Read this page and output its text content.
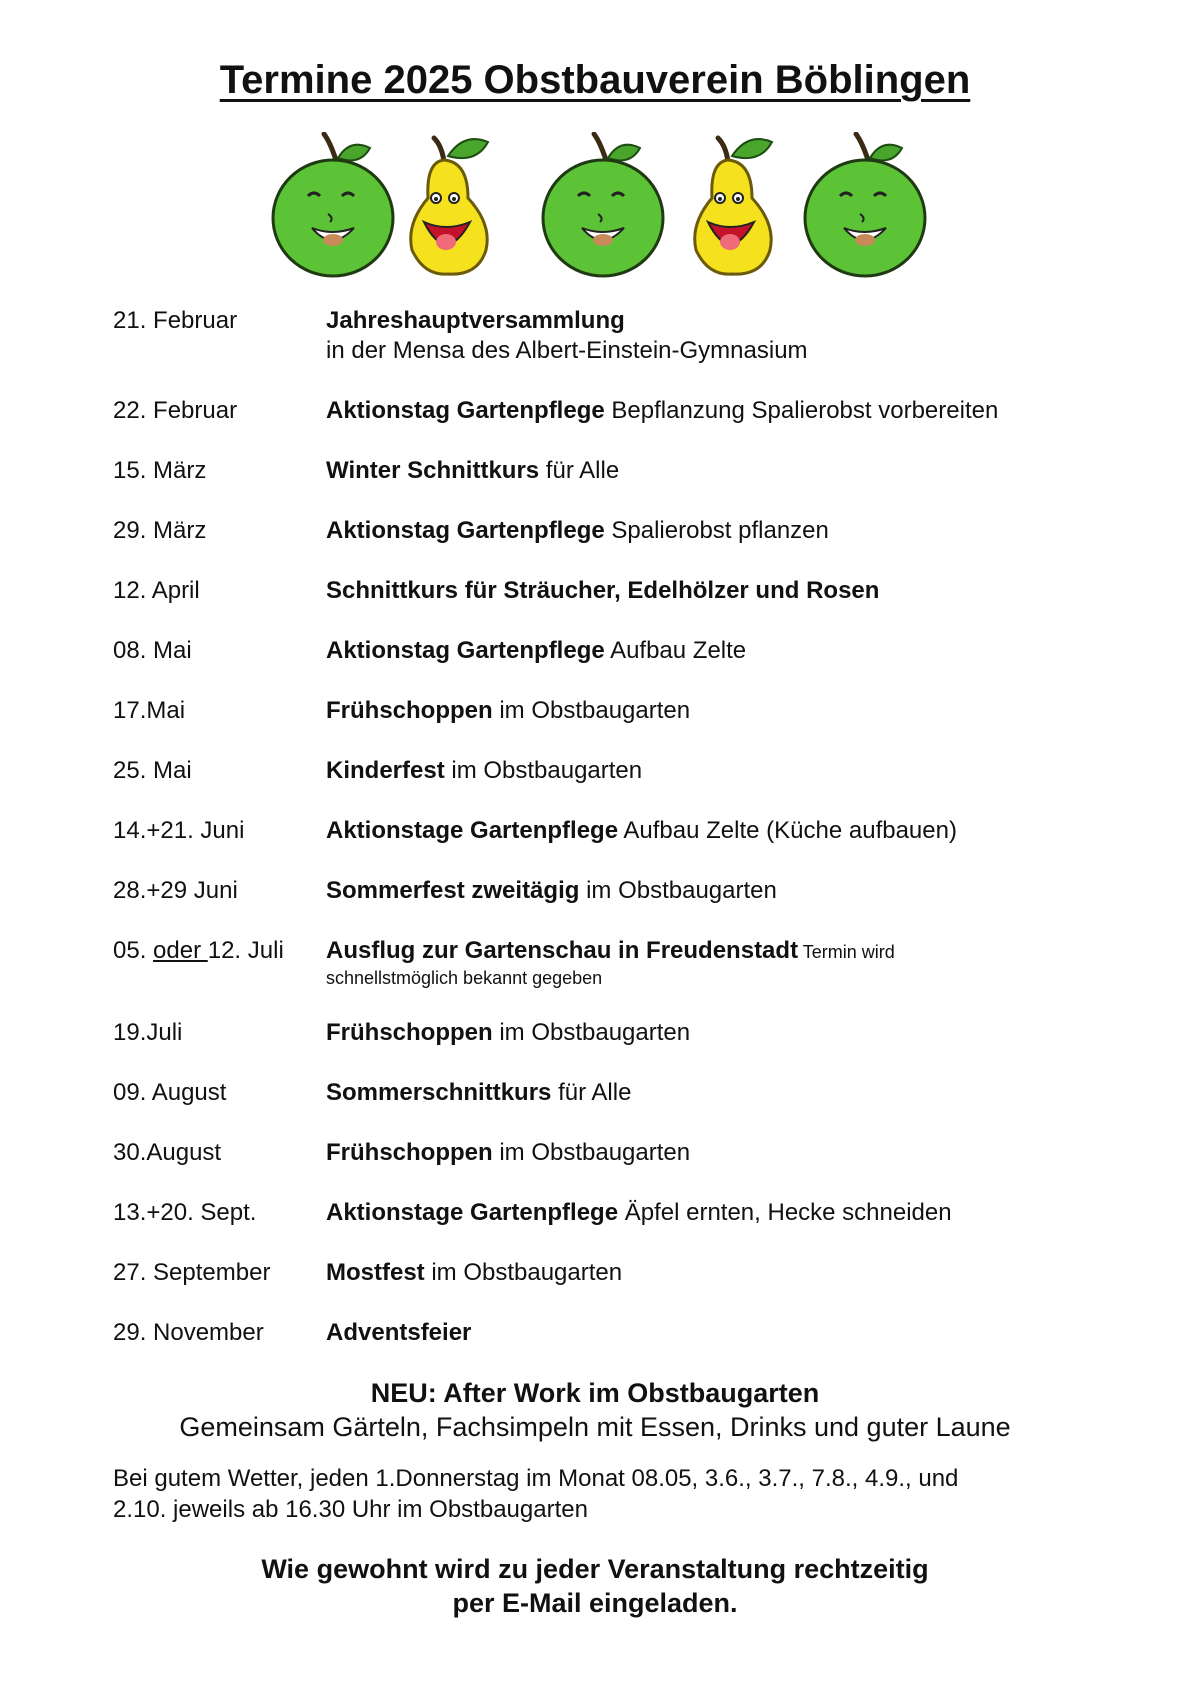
Termine 2025 Obstbauverein Böblingen
21. Februar	Jahreshauptversammlung
in der Mensa des Albert-Einstein-Gymnasium
22. Februar	Aktionstag Gartenpflege Bepflanzung Spalierobst vorbereiten
15. März	Winter Schnittkurs für Alle
29. März	Aktionstag Gartenpflege Spalierobst pflanzen
12. April	Schnittkurs für Sträucher, Edelhölzer und Rosen
08. Mai	Aktionstag Gartenpflege Aufbau Zelte
17.Mai	Frühschoppen im Obstbaugarten
25. Mai	Kinderfest im Obstbaugarten
14.+21. Juni	Aktionstage Gartenpflege Aufbau Zelte (Küche aufbauen)
28.+29 Juni	Sommerfest zweitägig im Obstbaugarten
05. oder 12. Juli Ausflug zur Gartenschau in Freudenstadt Termin wird
schnellstmöglich bekannt gegeben
19.Juli	Frühschoppen im Obstbaugarten
09. August	Sommerschnittkurs für Alle
30.August	Frühschoppen im Obstbaugarten
13.+20. Sept.	Aktionstage Gartenpflege Äpfel ernten, Hecke schneiden
27. September Mostfest im Obstbaugarten
29. November	Adventsfeier
NEU: After Work im Obstbaugarten
Gemeinsam Gärteln, Fachsimpeln mit Essen, Drinks und guter Laune
Bei gutem Wetter, jeden 1.Donnerstag im Monat 08.05, 3.6., 3.7., 7.8., 4.9., und
2.10. jeweils ab 16.30 Uhr im Obstbaugarten
Wie gewohnt wird zu jeder Veranstaltung rechtzeitig
per E-Mail eingeladen.
